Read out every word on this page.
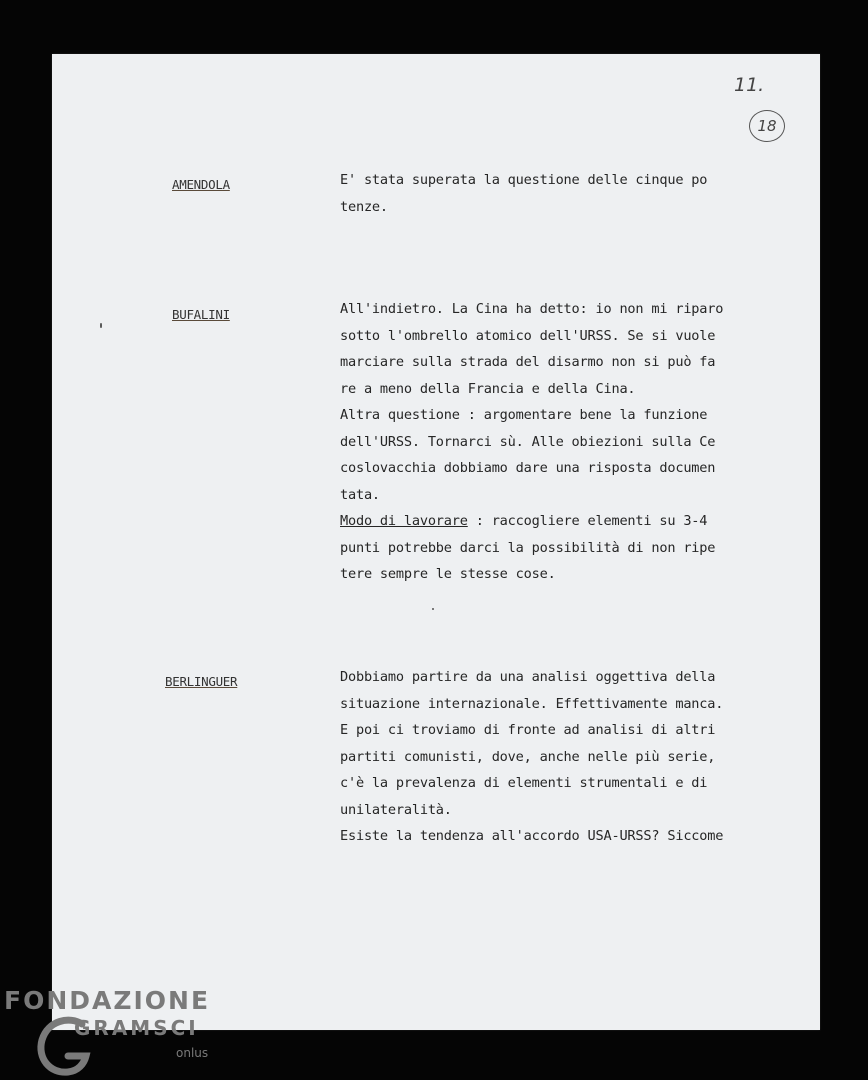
11.
18
AMENDOLA	E' stata superata la questione delle cinque po
tenze.
BUFALINI	All'indietro. La Cina ha detto: io non mi riparo
sotto l'ombrello atomico dell'URSS. Se si vuole
marciare sulla strada del disarmo non si può fa
re a meno della Francia e della Cina.
Altra questione : argomentare bene la funzione
dell'URSS. Tornarci sù. Alle obiezioni sulla Ce
coslovacchia dobbiamo dare una risposta documen
tata.
Modo di lavorare : raccogliere elementi su 3-4
punti potrebbe darci la possibilità di non ripe
tere sempre le stesse cose.
BERLINGUER	Dobbiamo partire da una analisi oggettiva della
situazione internazionale. Effettivamente manca.
E poi ci troviamo di fronte ad analisi di altri
partiti comunisti, dove, anche nelle più serie,
c'è la prevalenza di elementi strumentali e di
unilateralità.
Esiste la tendenza all'accordo USA-URSS? Siccome
FONDAZIONE
GRAMSCI
onlus
